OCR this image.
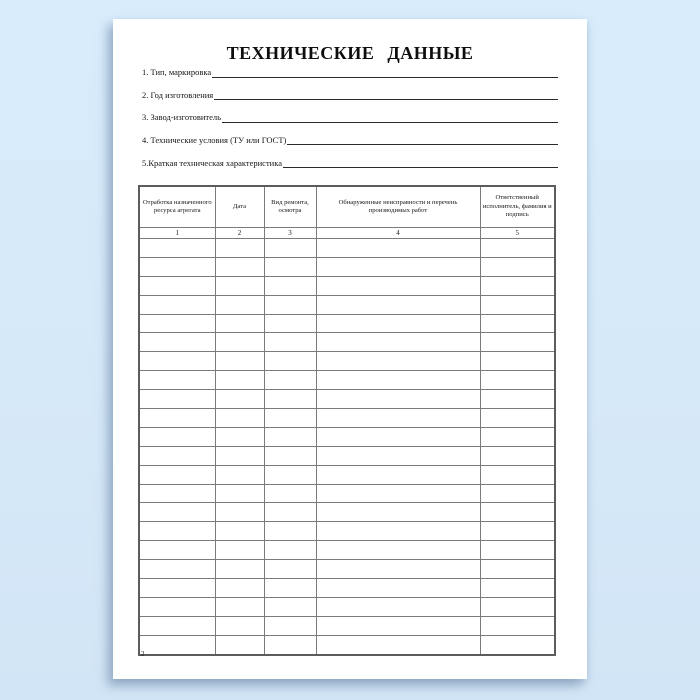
ТЕХНИЧЕСКИЕ ДАННЫЕ
1. Тип, маркировка
2. Год изготовления
3. Завод-изготовитель
4. Технические условия (ТУ или ГОСТ)
5.Краткая техническая характеристика
Отработка назначенного ресурса агрегата	Дата	Вид ремонта, осмотра	Обнаруженные неисправности и перечень производимых работ	Ответственный исполнитель, фамилия и подпись
1	2	3	4	5

2
